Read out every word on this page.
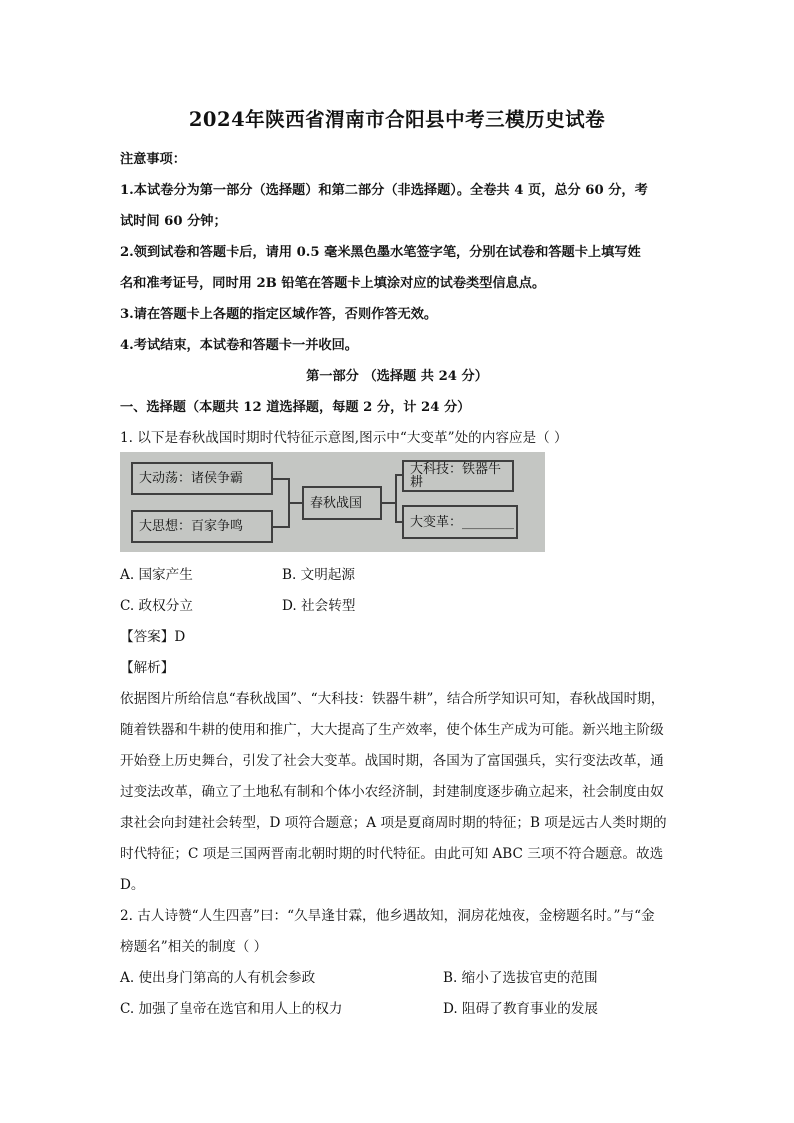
2024年陕西省渭南市合阳县中考三模历史试卷
注意事项：
1.本试卷分为第一部分（选择题）和第二部分（非选择题）。全卷共 4 页，总分 60 分，考
试时间 60 分钟；
2.领到试卷和答题卡后，请用 0.5 毫米黑色墨水笔签字笔，分别在试卷和答题卡上填写姓
名和准考证号，同时用 2B 铅笔在答题卡上填涂对应的试卷类型信息点。
3.请在答题卡上各题的指定区域作答，否则作答无效。
4.考试结束，本试卷和答题卡一并收回。
第一部分 （选择题 共 24 分）
一、选择题（本题共 12 道选择题，每题 2 分，计 24 分）
1. 以下是春秋战国时期时代特征示意图,图示中“大变革”处的内容应是（ ）
大动荡：诸侯争霸
大思想：百家争鸣
春秋战国
大科技：铁器牛耕
大变革：________
A. 国家产生	B. 文明起源
C. 政权分立	D. 社会转型
【答案】D
【解析】
依据图片所给信息“春秋战国”、“大科技：铁器牛耕”，结合所学知识可知，春秋战国时期，
随着铁器和牛耕的使用和推广，大大提高了生产效率，使个体生产成为可能。新兴地主阶级
开始登上历史舞台，引发了社会大变革。战国时期，各国为了富国强兵，实行变法改革，通
过变法改革，确立了土地私有制和个体小农经济制，封建制度逐步确立起来，社会制度由奴
隶社会向封建社会转型，D 项符合题意；A 项是夏商周时期的特征；B 项是远古人类时期的
时代特征；C 项是三国两晋南北朝时期的时代特征。由此可知 ABC 三项不符合题意。故选
D。
2. 古人诗赞“人生四喜”曰：“久旱逢甘霖，他乡遇故知，洞房花烛夜，金榜题名时。”与“金
榜题名”相关的制度（ ）
A. 使出身门第高的人有机会参政	B. 缩小了选拔官吏的范围
C. 加强了皇帝在选官和用人上的权力	D. 阻碍了教育事业的发展
